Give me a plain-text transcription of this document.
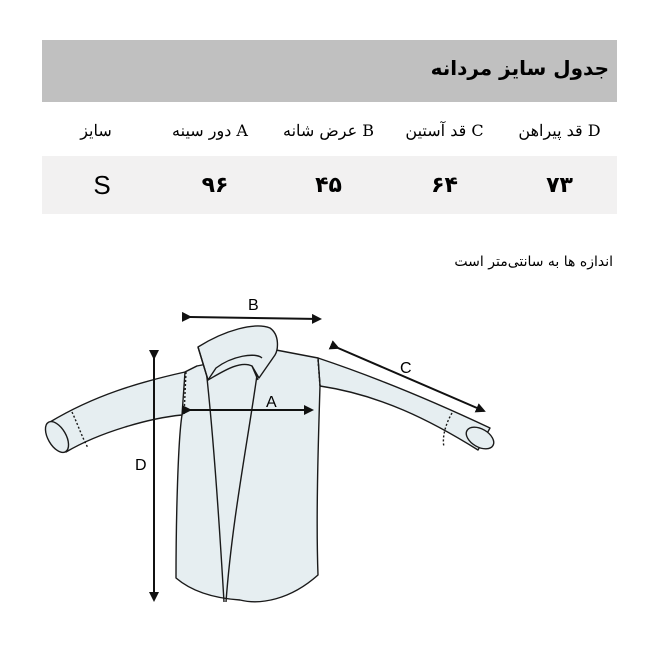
جدول سایز مردانه
D قد پیراهن
C قد آستین
B عرض شانه
A دور سینه
سایز
۷۳
۶۴
۴۵
۹۶
S
اندازه ها به سانتی‌متر است
B
C
A
D
